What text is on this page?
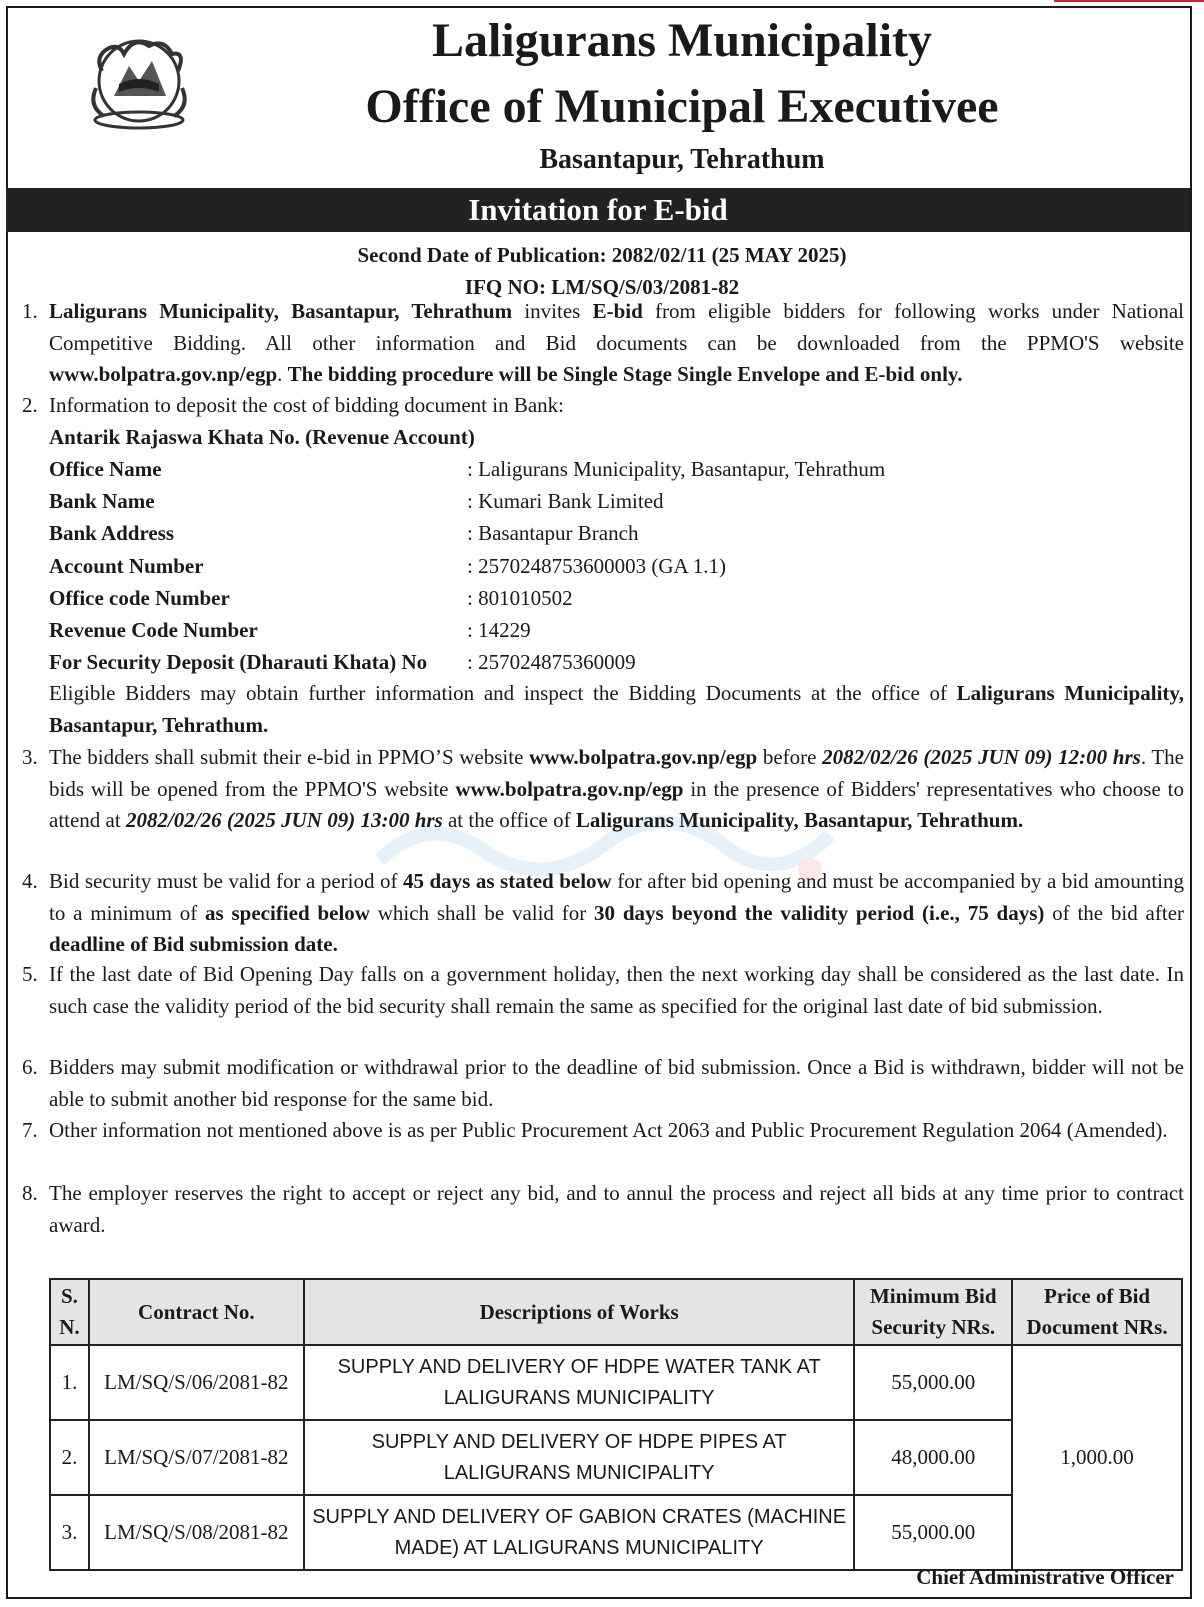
Laligurans Municipality
Office of Municipal Executivee
Basantapur, Tehrathum
Invitation for E-bid
Second Date of Publication: 2082/02/11 (25 MAY 2025)
IFQ NO: LM/SQ/S/03/2081-82
1. Laligurans Municipality, Basantapur, Tehrathum invites E-bid from eligible bidders for following works under National Competitive Bidding. All other information and Bid documents can be downloaded from the PPMO'S website www.bolpatra.gov.np/egp. The bidding procedure will be Single Stage Single Envelope and E-bid only.
2. Information to deposit the cost of bidding document in Bank:
Antarik Rajaswa Khata No. (Revenue Account)
Office Name	: Laligurans Municipality, Basantapur, Tehrathum
Bank Name	: Kumari Bank Limited
Bank Address	: Basantapur Branch
Account Number	: 2570248753600003 (GA 1.1)
Office code Number	: 801010502
Revenue Code Number	: 14229
For Security Deposit (Dharauti Khata) No : 257024875360009
Eligible Bidders may obtain further information and inspect the Bidding Documents at the office of Laligurans Municipality, Basantapur, Tehrathum.
3. The bidders shall submit their e-bid in PPMO’S website www.bolpatra.gov.np/egp before 2082/02/26 (2025 JUN 09) 12:00 hrs. The bids will be opened from the PPMO'S website www.bolpatra.gov.np/egp in the presence of Bidders' representatives who choose to attend at 2082/02/26 (2025 JUN 09) 13:00 hrs at the office of Laligurans Municipality, Basantapur, Tehrathum.
4. Bid security must be valid for a period of 45 days as stated below for after bid opening and must be accompanied by a bid amounting to a minimum of as specified below which shall be valid for 30 days beyond the validity period (i.e., 75 days) of the bid after deadline of Bid submission date.
5. If the last date of Bid Opening Day falls on a government holiday, then the next working day shall be considered as the last date. In such case the validity period of the bid security shall remain the same as specified for the original last date of bid submission.
6. Bidders may submit modification or withdrawal prior to the deadline of bid submission. Once a Bid is withdrawn, bidder will not be able to submit another bid response for the same bid.
7. Other information not mentioned above is as per Public Procurement Act 2063 and Public Procurement Regulation 2064 (Amended).
8. The employer reserves the right to accept or reject any bid, and to annul the process and reject all bids at any time prior to contract award.
S. N.	Contract No.	Descriptions of Works	Minimum Bid Security NRs.	Price of Bid Document NRs.
1.	LM/SQ/S/06/2081-82	SUPPLY AND DELIVERY OF HDPE WATER TANK AT LALIGURANS MUNICIPALITY	55,000.00	1,000.00
2.	LM/SQ/S/07/2081-82	SUPPLY AND DELIVERY OF HDPE PIPES AT LALIGURANS MUNICIPALITY	48,000.00	
3.	LM/SQ/S/08/2081-82	SUPPLY AND DELIVERY OF GABION CRATES (MACHINE MADE) AT LALIGURANS MUNICIPALITY	55,000.00	
Chief Administrative Officer
